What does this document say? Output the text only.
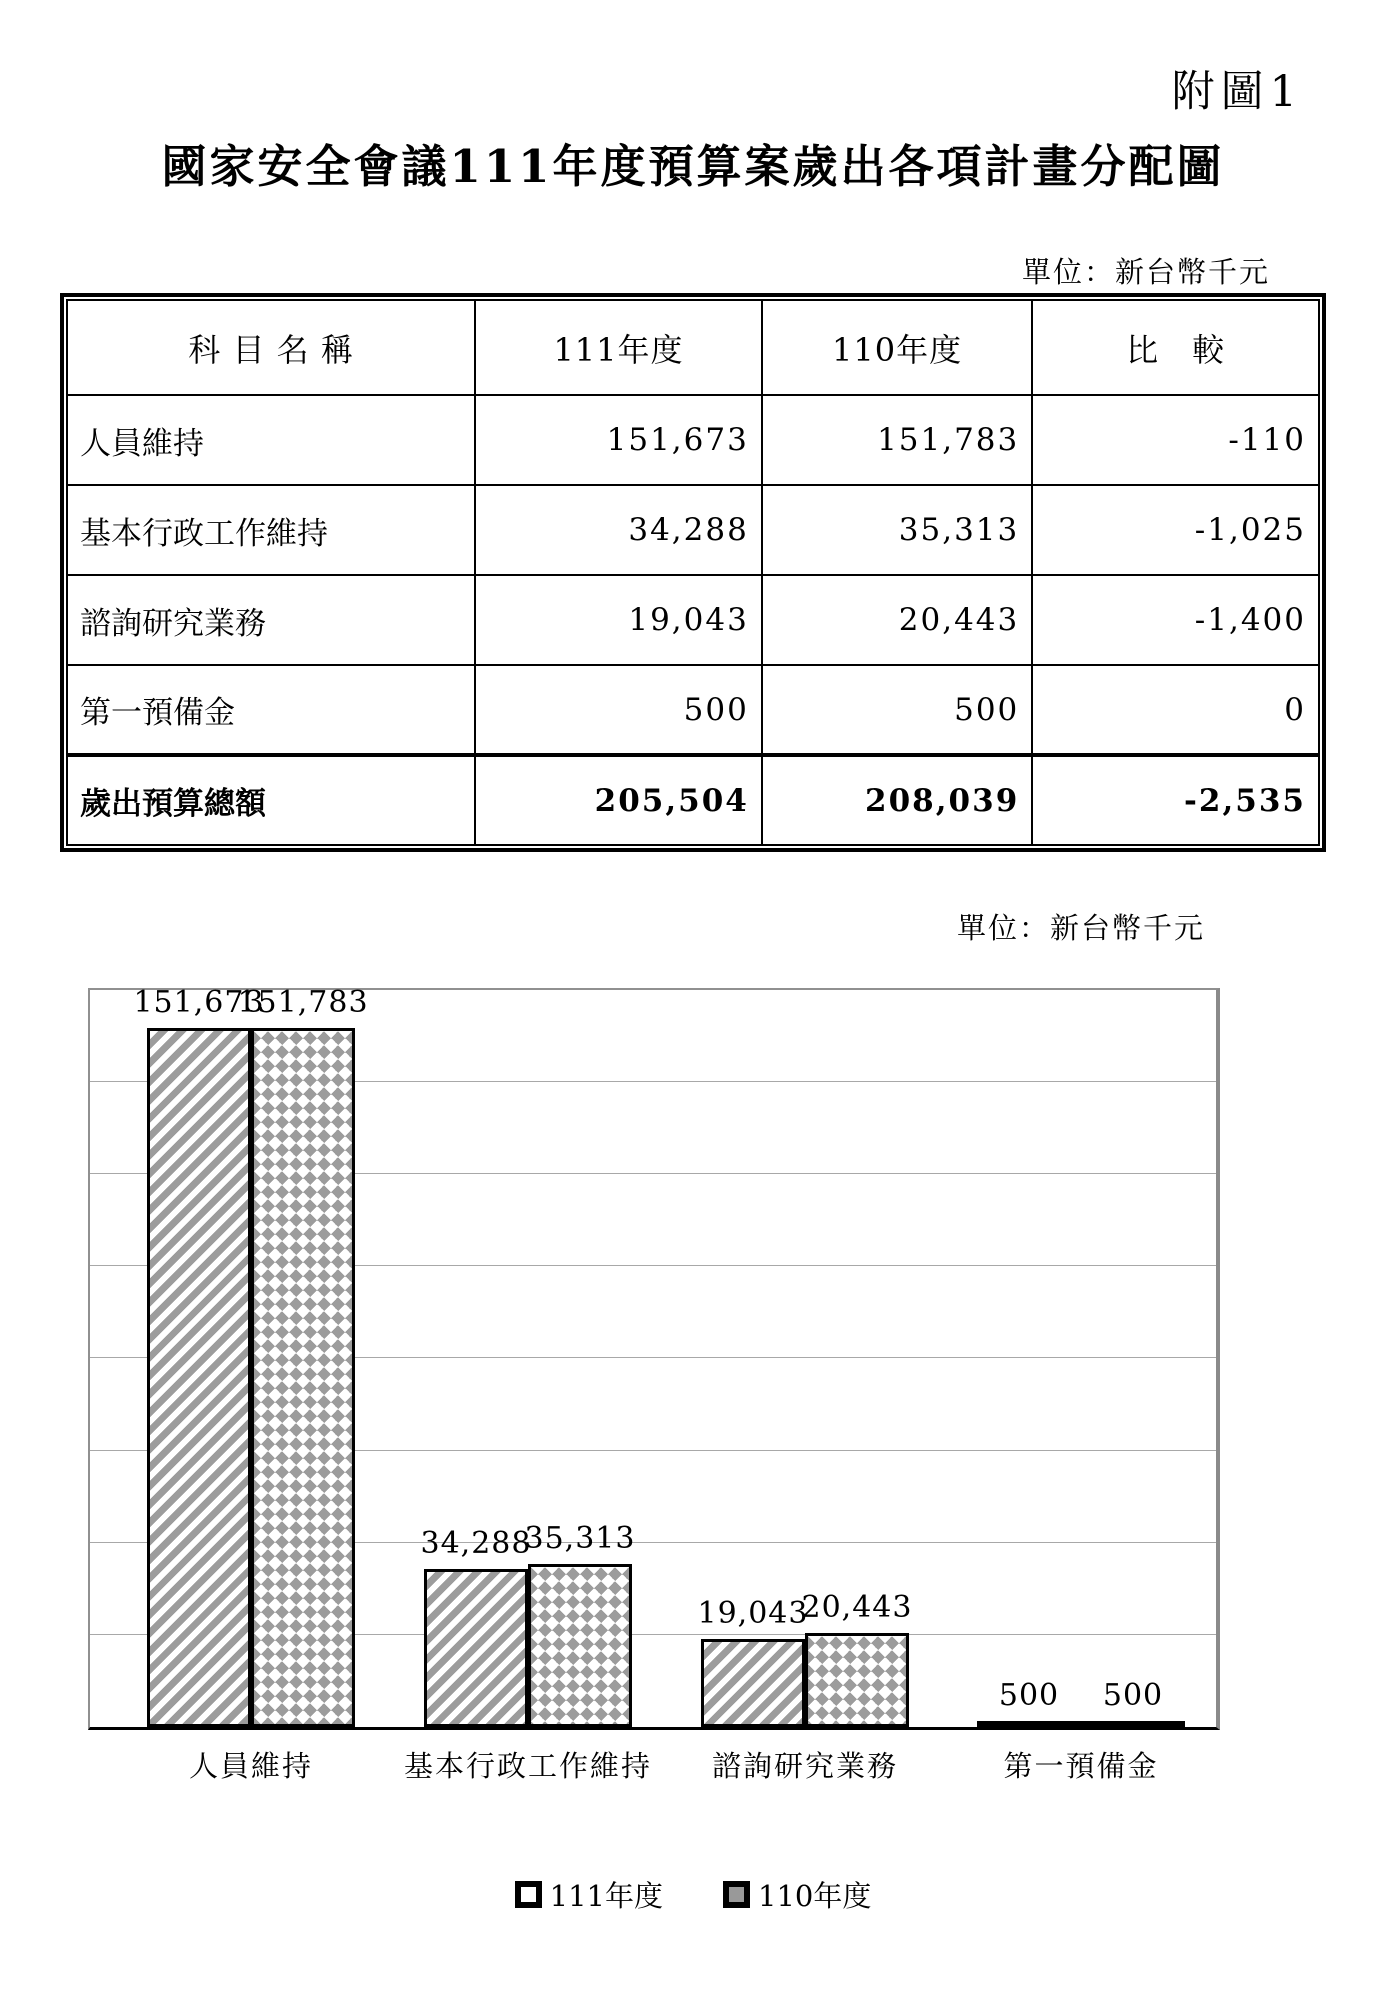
附圖1
國家安全會議111年度預算案歲出各項計畫分配圖
單位：新台幣千元
科 目 名 稱	111年度	110年度	比　較
人員維持	151,673	151,783	-110
基本行政工作維持	34,288	35,313	-1,025
諮詢研究業務	19,043	20,443	-1,400
第一預備金	500	500	0
歲出預算總額	205,504	208,039	-2,535
單位：新台幣千元
151,673
34,288
19,043
500
151,783
35,313
20,443
500
人員維持	基本行政工作維持	諮詢研究業務	第一預備金
111年度	110年度
